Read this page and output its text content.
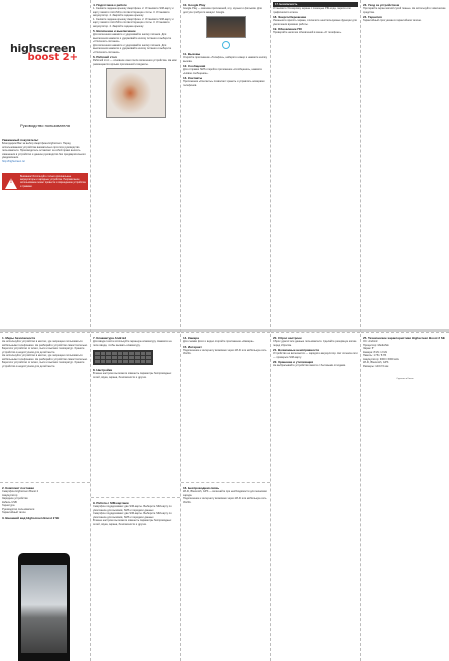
highscreen
boost 2+
Руководство пользователя
Уважаемый покупатель!
Благодарим Вас за выбор смартфона Highscreen. Перед использованием устройства внимательно прочтите руководство пользователя. Производитель оставляет за собой право вносить изменения в устройство и данное руководство без предварительного уведомления.
http://highscreen.ru/
!
Внимание! Используйте только оригинальные аккумуляторы и зарядные устройства. Неправильное использование может привести к повреждению устройства и травмам.
1. Меры безопасности
Не используйте устройство в местах, где запрещено пользоваться мобильными телефонами. Не разбирайте устройство самостоятельно. Берегите устройство от влаги, пыли и высоких температур. Храните устройство в недоступном для детей месте.
Не используйте устройство в местах, где запрещено пользоваться мобильными телефонами. Не разбирайте устройство самостоятельно. Берегите устройство от влаги, пыли и высоких температур. Храните устройство в недоступном для детей месте.
2. Комплект поставки
Смартфон Highscreen Boost 2
Аккумулятор
Зарядное устройство
Кабель USB
Гарнитура
Руководство пользователя
Гарантийный талон
3. Внешний вид Highscreen Boost 2 SE
4. Подготовка к работе
1. Снимите заднюю крышку смартфона. 2. Установите SIM-карту и карту памяти microSD в соответствующие слоты. 3. Установите аккумулятор. 4. Закройте заднюю крышку.
1. Снимите заднюю крышку смартфона. 2. Установите SIM-карту и карту памяти microSD в соответствующие слоты. 3. Установите аккумулятор. 4. Закройте заднюю крышку.
5. Включение и выключение
Для включения нажмите и удерживайте кнопку питания. Для выключения нажмите и удерживайте кнопку питания и выберите «Отключить питание».
Для включения нажмите и удерживайте кнопку питания. Для выключения нажмите и удерживайте кнопку питания и выберите «Отключить питание».
6. Рабочий стол
Рабочий стол — основное окно после включения устройства. На нём размещаются ярлыки приложений и виджеты.
7. Клавиатура Android
Для ввода текста используйте экранную клавиатуру. Нажмите на поле ввода, чтобы вызвать клавиатуру.
8. Настройки
В меню настроек вы можете изменить параметры беспроводных сетей, звука, экрана, безопасности и другие.
9. Работа с SIM-картами
Смартфон поддерживает две SIM-карты. Выберите SIM-карту по умолчанию для вызовов, SMS и передачи данных.
Смартфон поддерживает две SIM-карты. Выберите SIM-карту по умолчанию для вызовов, SMS и передачи данных.
В меню настроек вы можете изменить параметры беспроводных сетей, звука, экрана, безопасности и другие.
10. Google Play
Google Play — магазин приложений, игр, музыки и фильмов. Для доступа требуется аккаунт Google.
11. Вызовы
Откройте приложение «Телефон», наберите номер и нажмите кнопку вызова.
12. Сообщения
Для отправки SMS откройте приложение «Сообщения», нажмите «Новое сообщение».
13. Контакты
Приложение «Контакты» позволяет хранить и управлять номерами телефонов.
14. Камера
Для съёмки фото и видео откройте приложение «Камера».
15. Интернет
Подключение к интернету возможно через Wi-Fi или мобильную сеть 3G/4G.
16. Беспроводная связь
Wi-Fi, Bluetooth, GPS — включайте при необходимости для экономии заряда.
Подключение к интернету возможно через Wi-Fi или мобильную сеть 3G/4G.
17. Безопасность
Установите блокировку экрана с помощью PIN-кода, пароля или графического ключа.
18. Энергосбережение
Уменьшите яркость экрана, отключите неиспользуемые функции для увеличения времени работы.
19. Обновление ПО
Проверяйте наличие обновлений в меню «О телефоне».
20. Сброс настроек
Сброс удалит все данные пользователя. Сделайте резервную копию перед сбросом.
21. Возможные неисправности
Устройство не включается — зарядите аккумулятор. Нет сигнала сети — проверьте SIM-карту.
22. Хранение и утилизация
Не выбрасывайте устройство вместе с бытовыми отходами.
23. Уход за устройством
Протирайте экран мягкой сухой тканью. Не используйте химические средства.
24. Гарантия
Гарантийный срок указан в гарантийном талоне.
25. Технические характеристики Highscreen Boost 2 SE
ОС: Android
Процессор: MediaTek
Экран: 5"
Камера: 8 Мп / 2 Мп
Память: 1 ГБ / 8 ГБ
Аккумулятор: 3000 / 6000 мАч
Wi-Fi, Bluetooth, GPS
Размеры: 143×72 мм
Сделано в Китае
